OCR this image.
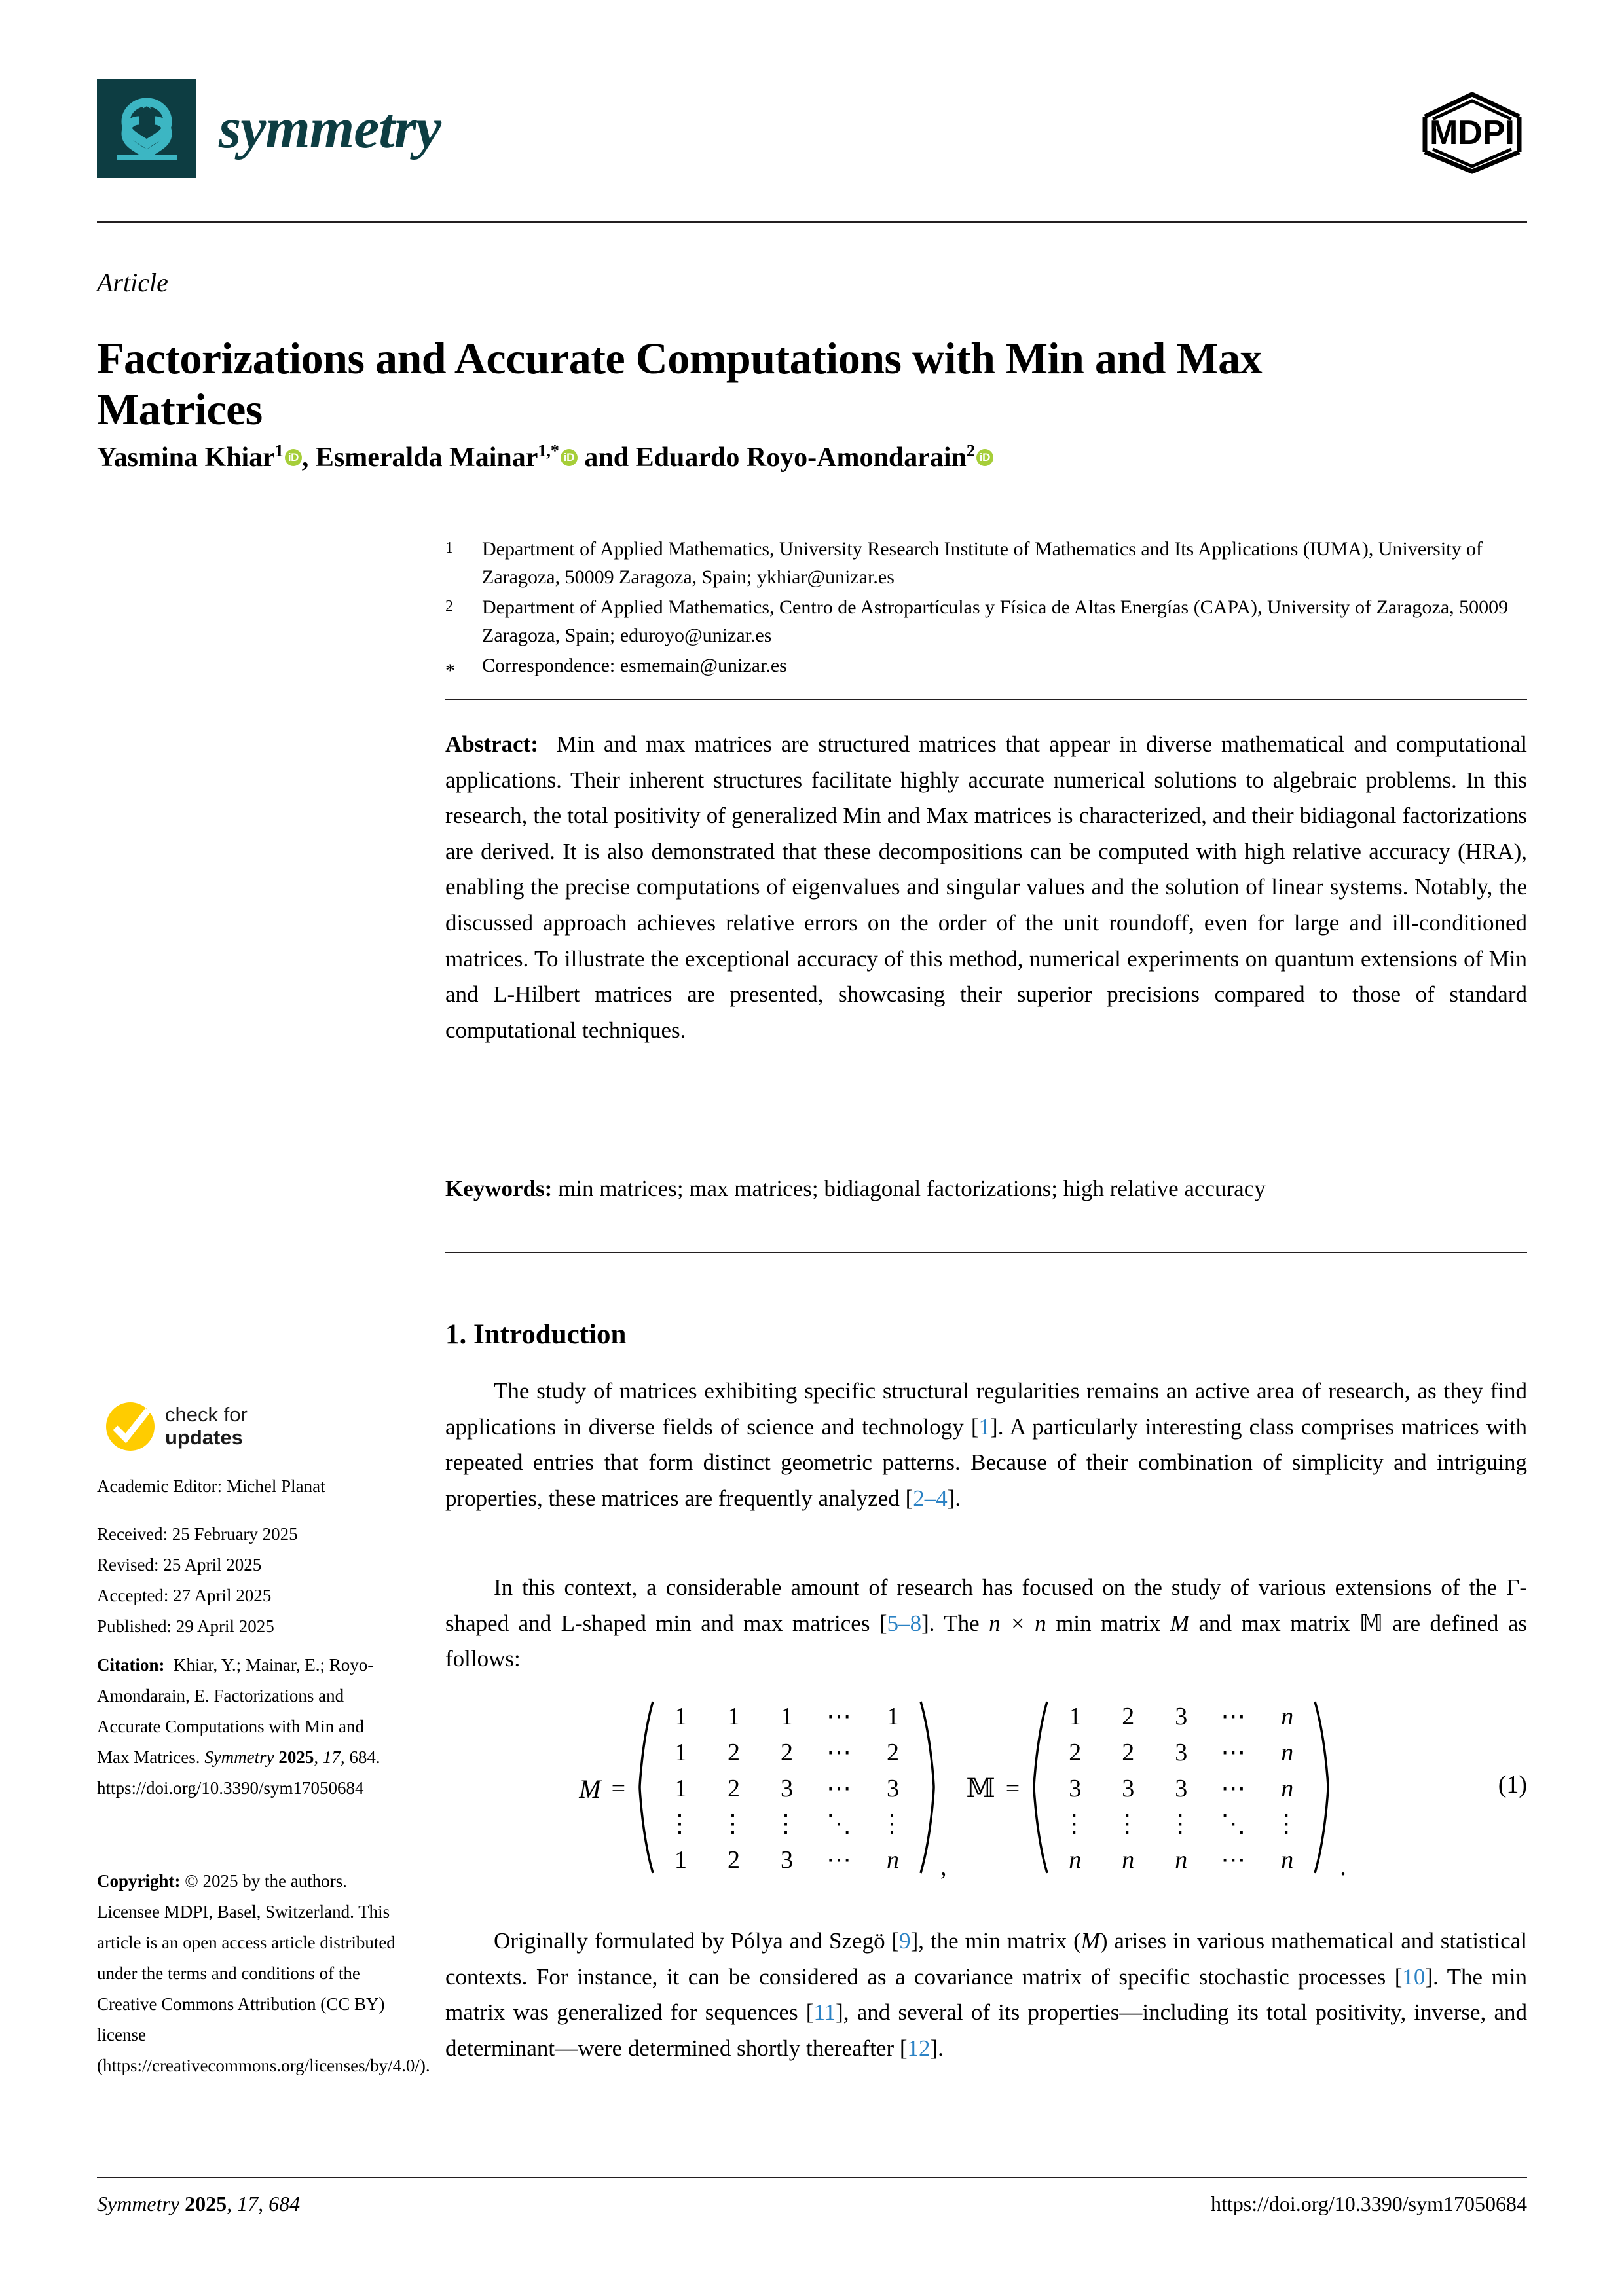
symmetry	MDPI
Article
Factorizations and Accurate Computations with Min and Max Matrices
Yasmina Khiar$^1$ iD , Esmeralda Mainar$^{1,*}$ iD and Eduardo Royo-Amondarain$^2$ iD
1	Department of Applied Mathematics, University Research Institute of Mathematics and Its Applications (IUMA), University of Zaragoza, 50009 Zaragoza, Spain; ykhiar@unizar.es
2	Department of Applied Mathematics, Centro de Astropartículas y Física de Altas Energías (CAPA), University of Zaragoza, 50009 Zaragoza, Spain; eduroyo@unizar.es
*	Correspondence: esmemain@unizar.es
Abstract: Min and max matrices are structured matrices that appear in diverse mathematical and computational applications. Their inherent structures facilitate highly accurate numerical solutions to algebraic problems. In this research, the total positivity of generalized Min and Max matrices is characterized, and their bidiagonal factorizations are derived. It is also demonstrated that these decompositions can be computed with high relative accuracy (HRA), enabling the precise computations of eigenvalues and singular values and the solution of linear systems. Notably, the discussed approach achieves relative errors on the order of the unit roundoff, even for large and ill-conditioned matrices. To illustrate the exceptional accuracy of this method, numerical experiments on quantum extensions of Min and L-Hilbert matrices are presented, showcasing their superior precisions compared to those of standard computational techniques.
Keywords: min matrices; max matrices; bidiagonal factorizations; high relative accuracy
1. Introduction
The study of matrices exhibiting specific structural regularities remains an active area of research, as they find applications in diverse fields of science and technology [1]. A particularly interesting class comprises matrices with repeated entries that form distinct geometric patterns. Because of their combination of simplicity and intriguing properties, these matrices are frequently analyzed [2–4].
In this context, a considerable amount of research has focused on the study of various extensions of the Γ-shaped and L-shaped min and max matrices [5–8]. The n × n min matrix M and max matrix 𝕄 are defined as follows:
Originally formulated by Pólya and Szegö [9], the min matrix (M) arises in various mathematical and statistical contexts. For instance, it can be considered as a covariance matrix of specific stochastic processes [10]. The min matrix was generalized for sequences [11], and several of its properties—including its total positivity, inverse, and determinant—were determined shortly thereafter [12].
M =
1	1	1	⋯	1
1	2	2	⋯	2
1	2	3	⋯	3
⋮	⋮	⋮	⋱	⋮
1	2	3	⋯	n ,
𝕄 =
1	2	3	⋯	n
2	2	3	⋯	n
3	3	3	⋯	n
⋮	⋮	⋮	⋱	⋮
n	n	n	⋯	n .
(1)
check for
updates
Academic Editor: Michel Planat
Received: 25 February 2025
Revised: 25 April 2025
Accepted: 27 April 2025
Published: 29 April 2025
Citation: Khiar, Y.; Mainar, E.; Royo-Amondarain, E. Factorizations and Accurate Computations with Min and Max Matrices. Symmetry 2025, 17, 684. https://doi.org/10.3390/sym17050684
Copyright: © 2025 by the authors. Licensee MDPI, Basel, Switzerland. This article is an open access article distributed under the terms and conditions of the Creative Commons Attribution (CC BY) license (https://creativecommons.org/licenses/by/4.0/).
Symmetry 2025, 17, 684	https://doi.org/10.3390/sym17050684
